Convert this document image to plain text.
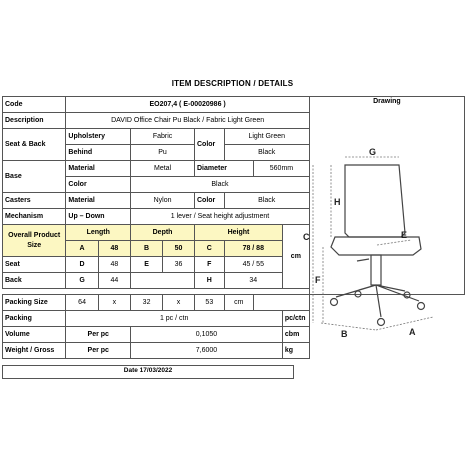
ITEM DESCRIPTION / DETAILS
Code	EO207,4 ( E-00020986 )								Drawing
Description	DAVID Office Chair Pu Black / Fabric Light Green								
Seat & Back	Upholstery		Fabric		Color	Light Green			
	Behind		Pu			Black			
Base	Material		Metal		Diameter		560mm		
	Color		Black						
Casters	Material		Nylon		Color	Black			
Mechanism	Up – Down		1 lever / Seat height adjustment						
Overall Product Size	Length		Depth		Height			cm	
	A	48	B	50	C	78 / 88			
Seat	D	48	E	36	F	45 / 55			
Back	G	44			H	34			

Packing Size	64	x	32	x	53	cm			
Packing	1 pc / ctn							pc/ctn	
Volume	Per pc		0,1050					cbm	
Weight / Gross	Per pc		7,6000					kg	
Date 17/03/2022
G
H
C	E
F
B	A
